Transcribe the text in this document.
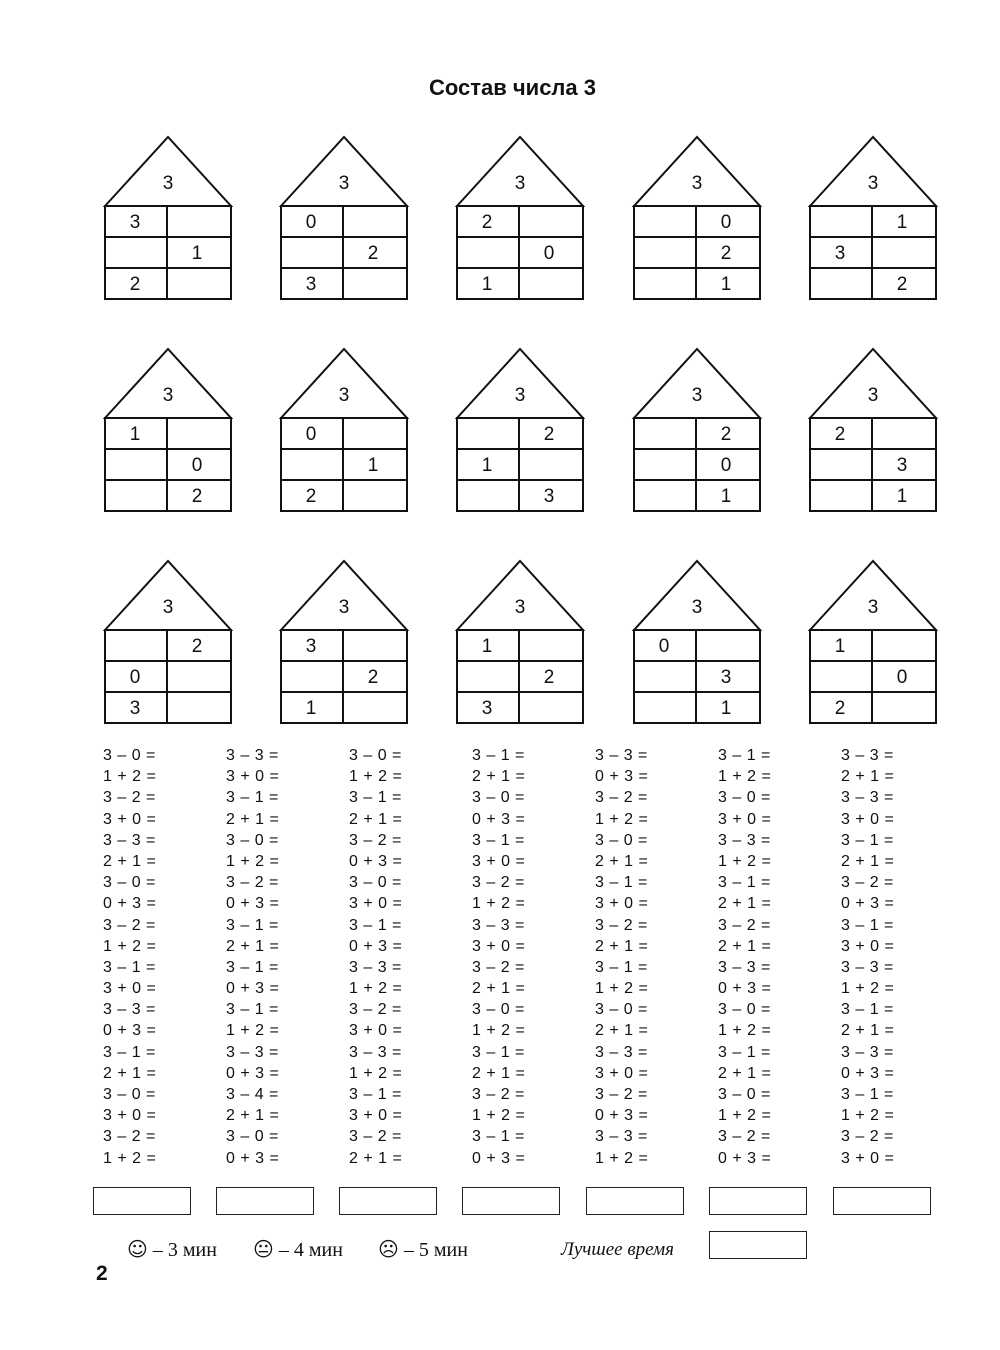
Состав числа 3
3
3
1
2
3
0
2
3
3
2
0
1
3
0
2
1
3
1
3
2
3
1
0
2
3
0
1
2
3
2
1
3
3
2
0
1
3
2
3
1
3
2
0
3
3
3
2
1
3
1
2
3
3
0
3
1
3
1
0
2
3 – 0 =
1 + 2 =
3 – 2 =
3 + 0 =
3 – 3 =
2 + 1 =
3 – 0 =
0 + 3 =
3 – 2 =
1 + 2 =
3 – 1 =
3 + 0 =
3 – 3 =
0 + 3 =
3 – 1 =
2 + 1 =
3 – 0 =
3 + 0 =
3 – 2 =
1 + 2 =
3 – 3 =
3 + 0 =
3 – 1 =
2 + 1 =
3 – 0 =
1 + 2 =
3 – 2 =
0 + 3 =
3 – 1 =
2 + 1 =
3 – 1 =
0 + 3 =
3 – 1 =
1 + 2 =
3 – 3 =
0 + 3 =
3 – 4 =
2 + 1 =
3 – 0 =
0 + 3 =
3 – 0 =
1 + 2 =
3 – 1 =
2 + 1 =
3 – 2 =
0 + 3 =
3 – 0 =
3 + 0 =
3 – 1 =
0 + 3 =
3 – 3 =
1 + 2 =
3 – 2 =
3 + 0 =
3 – 3 =
1 + 2 =
3 – 1 =
3 + 0 =
3 – 2 =
2 + 1 =
3 – 1 =
2 + 1 =
3 – 0 =
0 + 3 =
3 – 1 =
3 + 0 =
3 – 2 =
1 + 2 =
3 – 3 =
3 + 0 =
3 – 2 =
2 + 1 =
3 – 0 =
1 + 2 =
3 – 1 =
2 + 1 =
3 – 2 =
1 + 2 =
3 – 1 =
0 + 3 =
3 – 3 =
0 + 3 =
3 – 2 =
1 + 2 =
3 – 0 =
2 + 1 =
3 – 1 =
3 + 0 =
3 – 2 =
2 + 1 =
3 – 1 =
1 + 2 =
3 – 0 =
2 + 1 =
3 – 3 =
3 + 0 =
3 – 2 =
0 + 3 =
3 – 3 =
1 + 2 =
3 – 1 =
1 + 2 =
3 – 0 =
3 + 0 =
3 – 3 =
1 + 2 =
3 – 1 =
2 + 1 =
3 – 2 =
2 + 1 =
3 – 3 =
0 + 3 =
3 – 0 =
1 + 2 =
3 – 1 =
2 + 1 =
3 – 0 =
1 + 2 =
3 – 2 =
0 + 3 =
3 – 3 =
2 + 1 =
3 – 3 =
3 + 0 =
3 – 1 =
2 + 1 =
3 – 2 =
0 + 3 =
3 – 1 =
3 + 0 =
3 – 3 =
1 + 2 =
3 – 1 =
2 + 1 =
3 – 3 =
0 + 3 =
3 – 1 =
1 + 2 =
3 – 2 =
3 + 0 =
☺ – 3 мин 😐 – 4 мин ☹ – 5 мин	Лучшее время
2
